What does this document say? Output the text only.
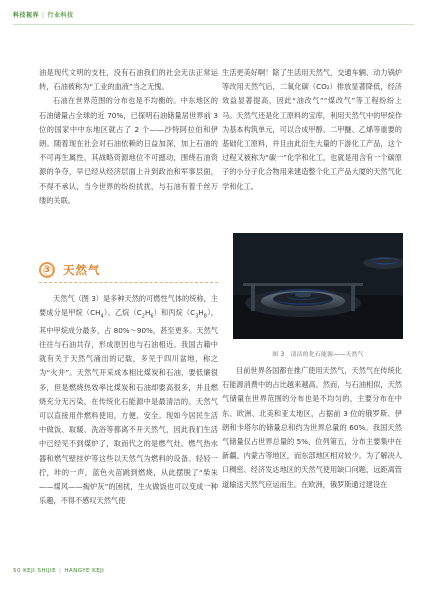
科技视界 | 行业科技

油是现代文明的支柱，没有石油我们的社会无法正常运转，石油被称为“工业的血液”当之无愧。

石油在世界范围的分布也是不均衡的。中东地区的石油储量占全球的近 70%，已探明石油储量居世界前 3 位的国家中中东地区就占了 2 个——沙特阿拉伯和伊朗。随着现在社会对石油依赖的日益加深，加上石油的不可再生属性，其战略资源地位不可撼动，围绕石油资源的争夺，早已经从经济层面上升到政治和军事层面，不得不承认，当今世界的纷纷扰扰，与石油有着千丝万缕的关联。

3	天然气

天然气（图 3）是多种天然的可燃性气体的统称，主要成分是甲烷$(CH_4)$、乙烷$(C_2H_6)$和丙烷$(C_3H_8)$，其中甲烷成分最多，占 80%～90%，甚至更多。天然气往往与石油共存，形成原因也与石油相近。我国古籍中就有关于天然气涌出的记载，多见于四川盆地，称之为“火井”。天然气开采成本相比煤炭和石油，要低廉很多，但是燃烧热效率比煤炭和石油却要高很多，并且燃烧充分无污染，在传统化石能源中是最清洁的。天然气可以直接用作燃料使用，方便、安全。现如今居民生活中做饭、取暖、洗浴等都离不开天然气，因此我们生活中已经见不到煤炉了，取而代之的是燃气灶、燃气热水器和燃气壁挂炉等这些以天然气为燃料的设备。轻轻一拧，咔的一声，蓝色火苗跳到燃烧，从此摆脱了“柴朱——煤风——掏炉灰”的困扰，生火做饭也可以变成一种乐趣，不得不感叹天然气使

生活更美好啊！除了生活用天然气，交通车辆、动力锅炉等改用天然气后，二氧化碳（CO₂）排放显著降低，经济效益显著提高，因此“油改气”“煤改气”等工程纷纷上马。天然气还是化工原料的宝库，利用天然气中的甲烷作为基本构筑单元，可以合成甲醇、二甲醚、乙烯等重要的基础化工原料，并且由此衍生大量的下游化工产品，这个过程又被称为“碳一”化学和化工，也就是用含有一个碳原子的小分子化合物用来建造整个化工产品大厦的天然气化学和化工。

图 3　清洁的化石能源——天然气

目前世界各国都在推广使用天然气，天然气在传统化石能源消费中的占比越来越高。然而，与石油相似，天然气储量在世界范围的分布也是不均匀的，主要分布在中东、欧洲、北美和亚太地区，占据前 3 位的俄罗斯、伊朗和卡塔尔的储量总和约为世界总量的 60%。我国天然气储量仅占世界总量的 5%，位列第五，分布主要集中在新疆、内蒙古等地区，而东部地区相对较少。为了解决人口稠密、经济发达地区的天然气使用缺口问题，远距离管道输送天然气应运而生。在欧洲，俄罗斯通过建设在

50 KEJI SHIJIE | HANGYE KEJI
